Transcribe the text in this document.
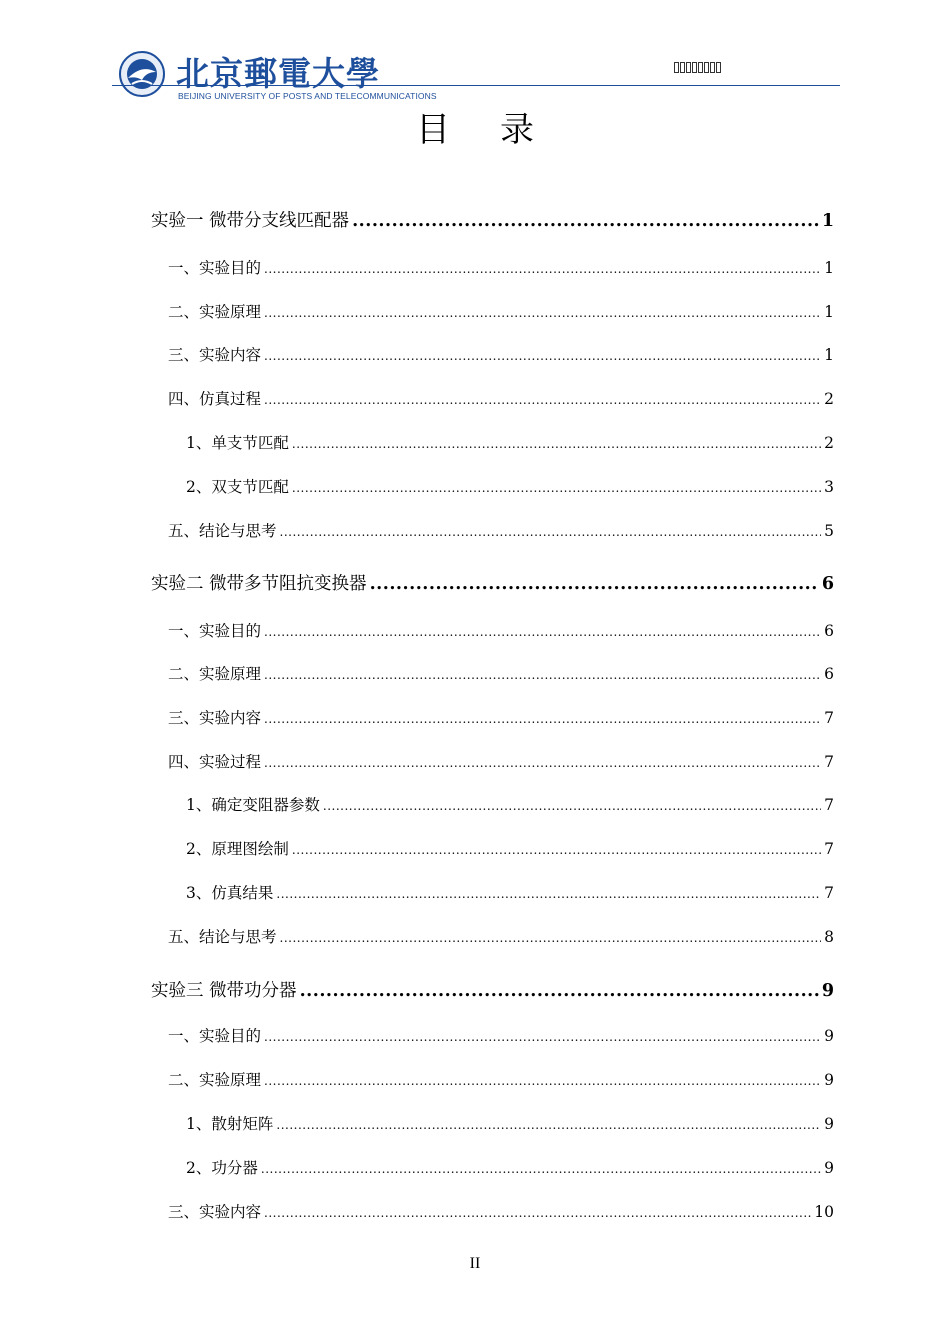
北京郵電大學
BEIJING UNIVERSITY OF POSTS AND TELECOMMUNICATIONS
目录
实验一 微带分支线匹配器 .....	1
一、实验目的 .....	1
二、实验原理 .....	1
三、实验内容 .....	1
四、仿真过程 .....	2
1、单支节匹配 .....	2
2、双支节匹配 .....	3
五、结论与思考 .....	5
实验二 微带多节阻抗变换器 .....	6
一、实验目的 .....	6
二、实验原理 .....	6
三、实验内容 .....	7
四、实验过程 .....	7
1、确定变阻器参数 .....	7
2、原理图绘制 .....	7
3、仿真结果 .....	7
五、结论与思考 .....	8
实验三 微带功分器 .....	9
一、实验目的 .....	9
二、实验原理 .....	9
1、散射矩阵 .....	9
2、功分器 .....	9
三、实验内容 .....	10
II
